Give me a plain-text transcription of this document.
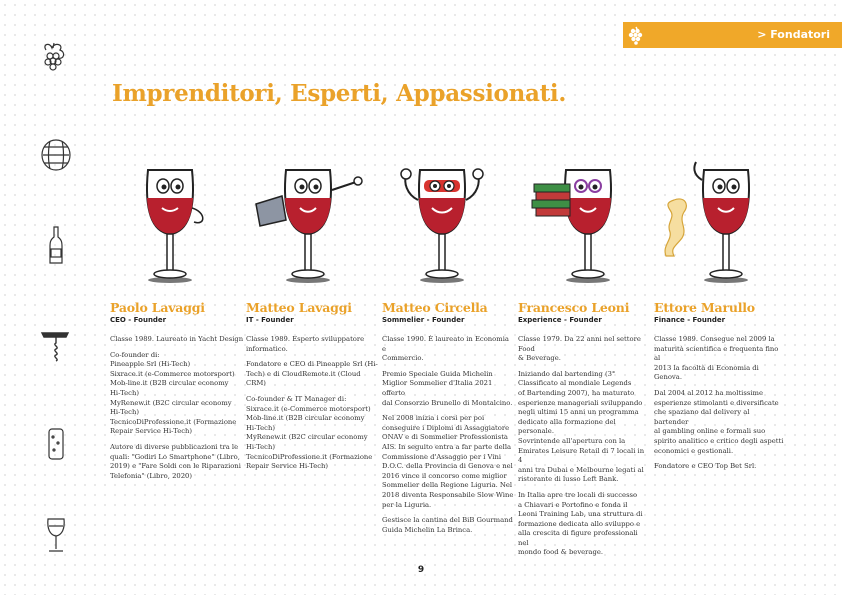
> Fondatori
Imprenditori, Esperti, Appassionati.
Paolo Lavaggi
CEO - Founder

Classe 1989. Laureato in Yacht Design

Co-founder di:
Pineapple Srl (Hi-Tech)
Sixrace.it (e-Commerce motorsport)
Mob-line.it (B2B circular economy
Hi-Tech)
MyRenew.it (B2C circular economy
Hi-Tech)
TecnicoDiProfessione.it (Formazione
Repair Service Hi-Tech)

Autore di diverse pubblicazioni tra le
quali: "Godiri Lo Smartphone" (Libro,
2019) e "Fare Soldi con le Riparazioni
Telefonia" (Libro, 2020)

Matteo Lavaggi
IT - Founder

Classe 1989. Esperto sviluppatore
informatico.

Fondatore e CEO di Pineapple Srl (Hi-
Tech) e di CloudRemote.it (Cloud CRM)

Co-founder & IT Manager di:
Sixrace.it (e-Commerce motorsport)
Mob-line.it (B2B circular economy
Hi-Tech)
MyRenew.it (B2C circular economy
Hi-Tech)
TecnicoDiProfessione.it (Formazione
Repair Service Hi-Tech)

Matteo Circella
Sommelier - Founder

Classe 1990. È laureato in Economia e
Commercio.

Premio Speciale Guida Michelin
Miglior Sommelier d'Italia 2021 offerto
dal Consorzio Brunello di Montalcino.

Nel 2008 inizia i corsi per poi
conseguire i Diplomi di Assaggiatore
ONAV e di Sommelier Professionista
AIS. In seguito entra a far parte della
Commissione d'Assaggio per i Vini
D.O.C. della Provincia di Genova e nel
2016 vince il concorso come miglior
Sommelier della Regione Liguria. Nel
2018 diventa Responsabile Slow Wine
per la Liguria.

Gestisce la cantina del BiB Gourmand
Guida Michelin La Brinca.

Francesco Leoni
Experience - Founder

Classe 1979. Da 22 anni nel settore Food
& Beverage.

Iniziando dal bartending (3°
Classificato al mondiale Legends
of Bartending 2007), ha maturato
esperienze manageriali sviluppando
negli ultimi 15 anni un programma
dedicato alla formazione del personale.
Sovrintende all'apertura con la
Emirates Leisure Retail di 7 locali in 4
anni tra Dubai e Melbourne legati al
ristorante di lusso Left Bank.

In Italia apre tre locali di successo
a Chiavari e Portofino e fonda il
Leoni Training Lab, una struttura di
formazione dedicata allo sviluppo e
alla crescita di figure professionali nel
mondo food & beverage.

Ettore Marullo
Finance - Founder

Classe 1989. Consegue nel 2009 la
maturità scientifica e frequenta fino al
2013 la facoltà di Economia di Genova.

Dal 2004 al 2012 ha moltissime
esperienze stimolanti e diversificate
che spaziano dal delivery al bartender
al gambling online e formali suo
spirito analitico e critico degli aspetti
economici e gestionali.

Fondatore e CEO Top Bet Srl.

9
